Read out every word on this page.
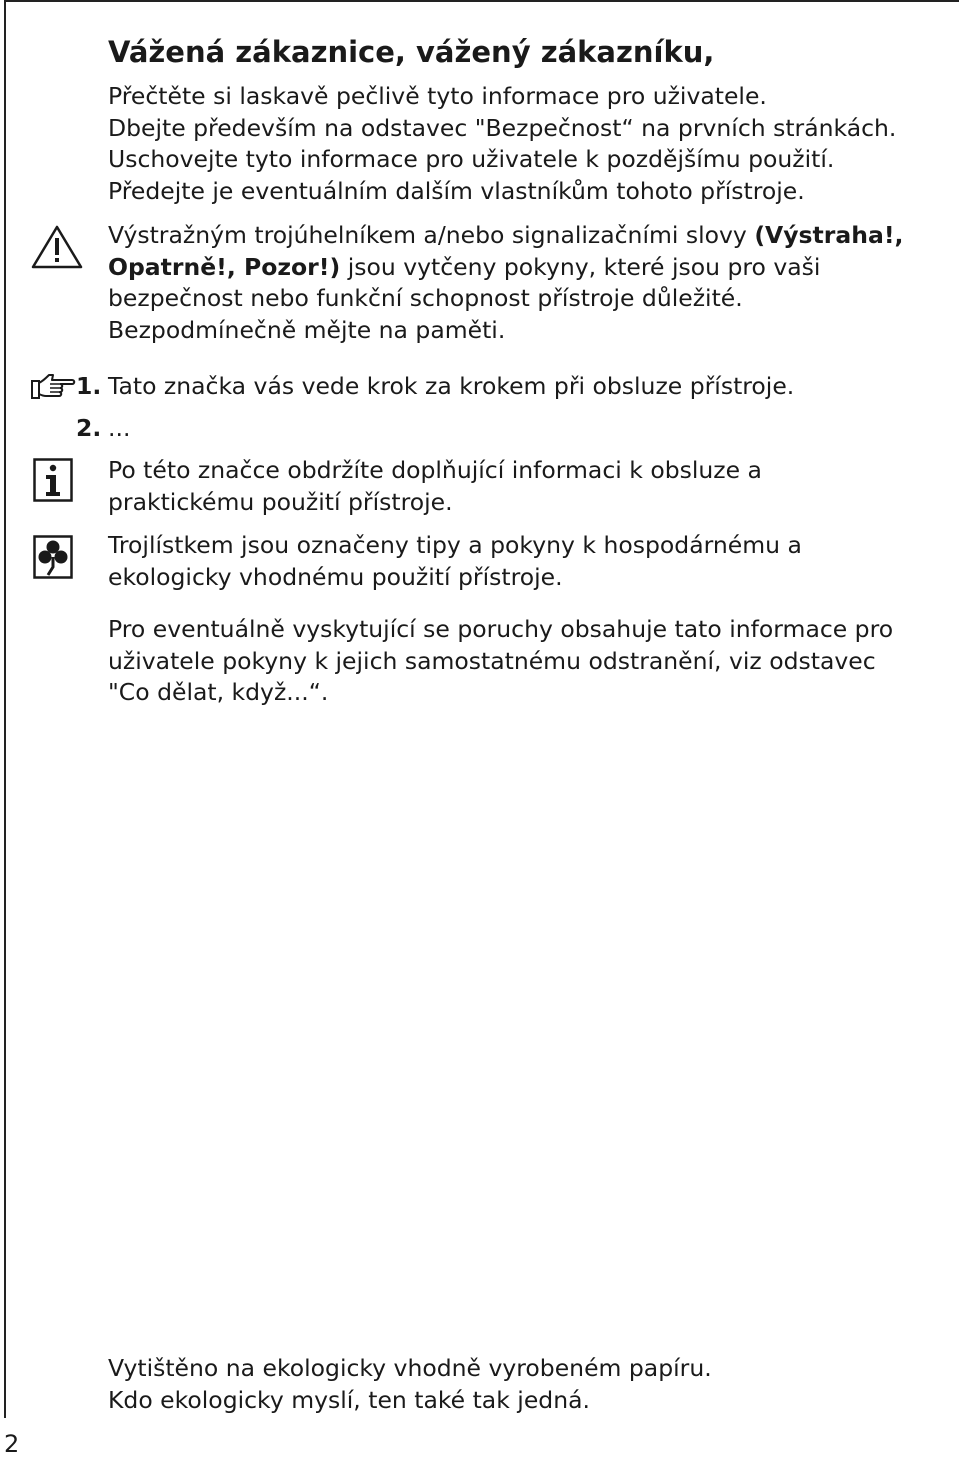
Vážená zákaznice, vážený zákazníku,
Přečtěte si laskavě pečlivě tyto informace pro uživatele.
Dbejte především na odstavec "Bezpečnost“ na prvních stránkách.
Uschovejte tyto informace pro uživatele k pozdějšímu použití.
Předejte je eventuálním dalším vlastníkům tohoto přístroje.
Výstražným trojúhelníkem a/nebo signalizačními slovy (Výstraha!,
Opatrně!, Pozor!) jsou vytčeny pokyny, které jsou pro vaši
bezpečnost nebo funkční schopnost přístroje důležité.
Bezpodmínečně mějte na paměti.
1. Tato značka vás vede krok za krokem při obsluze přístroje.
2. ...
Po této značce obdržíte doplňující informaci k obsluze a
praktickému použití přístroje.
Trojlístkem jsou označeny tipy a pokyny k hospodárnému a
ekologicky vhodnému použití přístroje.
Pro eventuálně vyskytující se poruchy obsahuje tato informace pro
uživatele pokyny k jejich samostatnému odstranění, viz odstavec
"Co dělat, když...“.
Vytištěno na ekologicky vhodně vyrobeném papíru.
Kdo ekologicky myslí, ten také tak jedná.
2
